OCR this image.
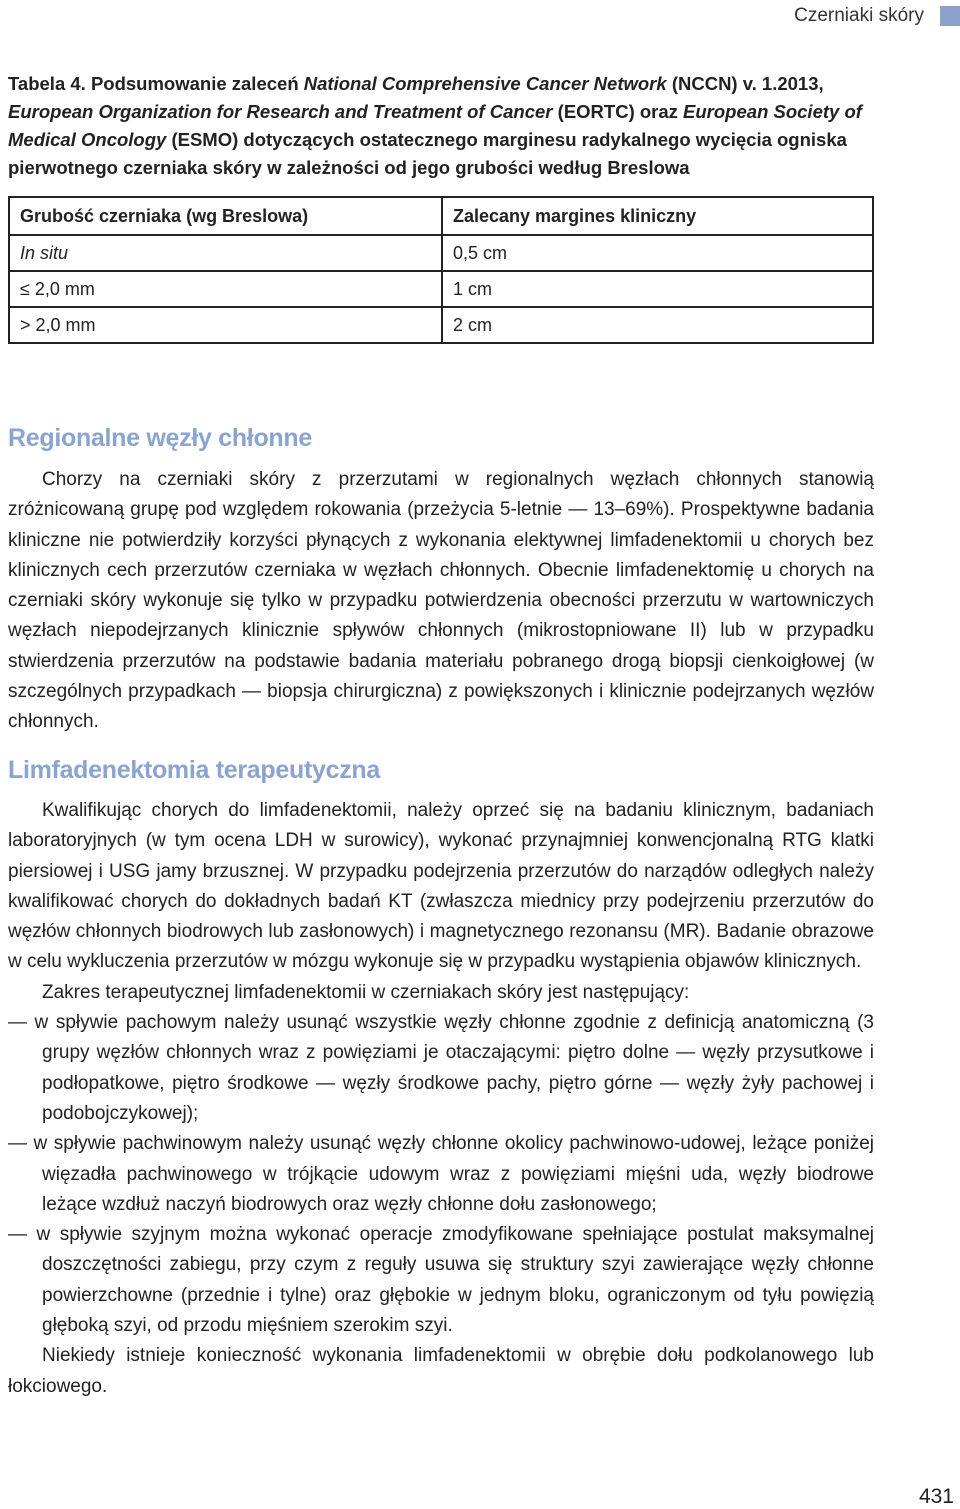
Czerniaki skóry
Tabela 4. Podsumowanie zaleceń National Comprehensive Cancer Network (NCCN) v. 1.2013, European Organization for Research and Treatment of Cancer (EORTC) oraz European Society of Medical Oncology (ESMO) dotyczących ostatecznego marginesu radykalnego wycięcia ogniska pierwotnego czerniaka skóry w zależności od jego grubości według Breslowa
Grubość czerniaka (wg Breslowa)	Zalecany margines kliniczny
In situ	0,5 cm
≤ 2,0 mm	1 cm
> 2,0 mm	2 cm
Regionalne węzły chłonne

Chorzy na czerniaki skóry z przerzutami w regionalnych węzłach chłonnych stanowią zróżnicowaną grupę pod względem rokowania (przeżycia 5-letnie — 13–69%). Prospektywne badania kliniczne nie potwierdziły korzyści płynących z wykonania elektywnej limfadenektomii u chorych bez klinicznych cech przerzutów czerniaka w węzłach chłonnych. Obecnie limfadenektomię u chorych na czerniaki skóry wykonuje się tylko w przypadku potwierdzenia obecności przerzutu w wartowniczych węzłach niepodejrzanych klinicznie spływów chłonnych (mikrostopniowane II) lub w przypadku stwierdzenia przerzutów na podstawie badania materiału pobranego drogą biopsji cienkoigłowej (w szczególnych przypadkach — biopsja chirurgiczna) z powiększonych i klinicznie podejrzanych węzłów chłonnych.

Limfadenektomia terapeutyczna

Kwalifikując chorych do limfadenektomii, należy oprzeć się na badaniu klinicznym, badaniach laboratoryjnych (w tym ocena LDH w surowicy), wykonać przynajmniej konwencjonalną RTG klatki piersiowej i USG jamy brzusznej. W przypadku podejrzenia przerzutów do narządów odległych należy kwalifikować chorych do dokładnych badań KT (zwłaszcza miednicy przy podejrzeniu przerzutów do węzłów chłonnych biodrowych lub zasłonowych) i magnetycznego rezonansu (MR). Badanie obrazowe w celu wykluczenia przerzutów w mózgu wykonuje się w przypadku wystąpienia objawów klinicznych.

Zakres terapeutycznej limfadenektomii w czerniakach skóry jest następujący:

— w spływie pachowym należy usunąć wszystkie węzły chłonne zgodnie z definicją anatomiczną (3 grupy węzłów chłonnych wraz z powięziami je otaczającymi: piętro dolne — węzły przysutkowe i podłopatkowe, piętro środkowe — węzły środkowe pachy, piętro górne — węzły żyły pachowej i podobojczykowej);
— w spływie pachwinowym należy usunąć węzły chłonne okolicy pachwinowo-udowej, leżące poniżej więzadła pachwinowego w trójkącie udowym wraz z powięziami mięśni uda, węzły biodrowe leżące wzdłuż naczyń biodrowych oraz węzły chłonne dołu zasłonowego;
— w spływie szyjnym można wykonać operacje zmodyfikowane spełniające postulat maksymalnej doszczętności zabiegu, przy czym z reguły usuwa się struktury szyi zawierające węzły chłonne powierzchowne (przednie i tylne) oraz głębokie w jednym bloku, ograniczonym od tyłu powięzią głęboką szyi, od przodu mięśniem szerokim szyi.

Niekiedy istnieje konieczność wykonania limfadenektomii w obrębie dołu podkolanowego lub łokciowego.

431
